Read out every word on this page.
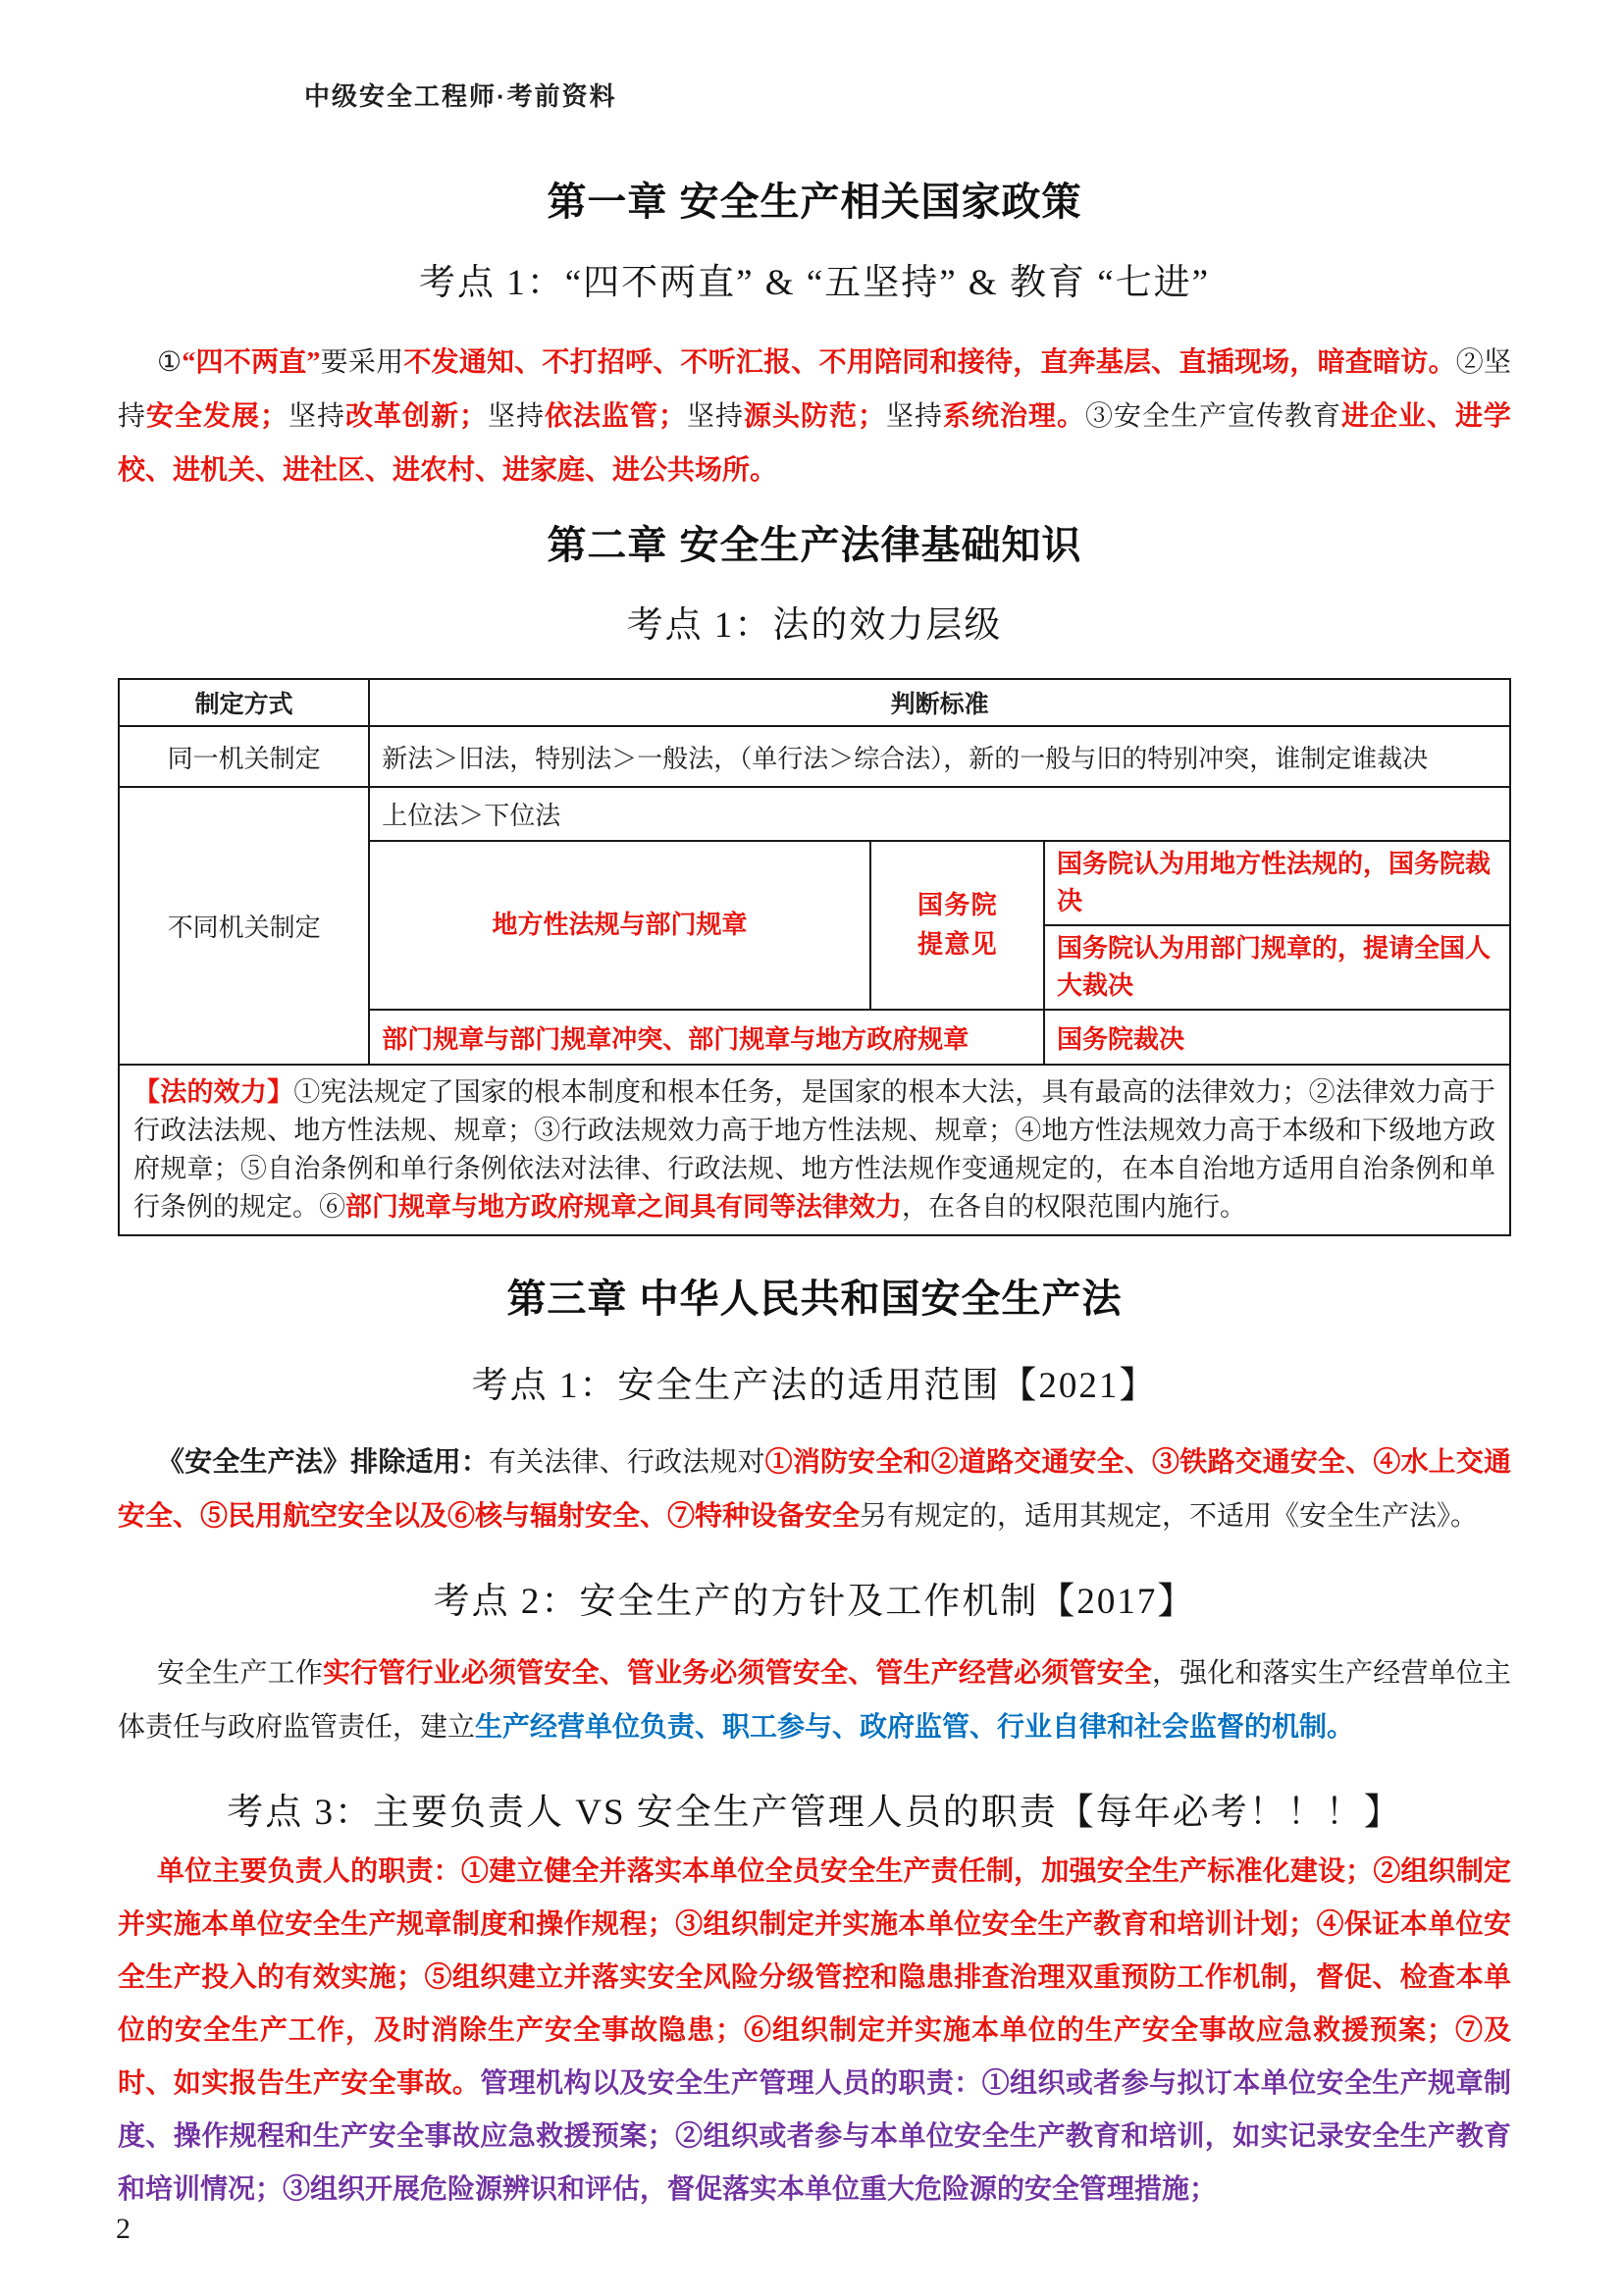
中级安全工程师·考前资料
第一章 安全生产相关国家政策
考点 1：“四不两直” & “五坚持” & 教育 “七进”

①“四不两直”要采用不发通知、不打招呼、不听汇报、不用陪同和接待，直奔基层、直插现场，暗查暗访。②坚持安全发展；坚持改革创新；坚持依法监管；坚持源头防范；坚持系统治理。③安全生产宣传教育进企业、进学校、进机关、进社区、进农村、进家庭、进公共场所。

第二章 安全生产法律基础知识
考点 1：法的效力层级
制定方式	判断标准		
同一机关制定	新法＞旧法，特别法＞一般法，（单行法＞综合法），新的一般与旧的特别冲突，谁制定谁裁决		
不同机关制定	上位法＞下位法		
	地方性法规与部门规章	国务院提意见	国务院认为用地方性法规的，国务院裁决
			国务院认为用部门规章的，提请全国人大裁决
	部门规章与部门规章冲突、部门规章与地方政府规章		国务院裁决
【法的效力】①宪法规定了国家的根本制度和根本任务，是国家的根本大法，具有最高的法律效力；②法律效力高于行政法法规、地方性法规、规章；③行政法规效力高于地方性法规、规章；④地方性法规效力高于本级和下级地方政府规章；⑤自治条例和单行条例依法对法律、行政法规、地方性法规作变通规定的，在本自治地方适用自治条例和单行条例的规定。⑥部门规章与地方政府规章之间具有同等法律效力，在各自的权限范围内施行。			
第三章 中华人民共和国安全生产法
考点 1：安全生产法的适用范围【2021】

《安全生产法》排除适用：有关法律、行政法规对①消防安全和②道路交通安全、③铁路交通安全、④水上交通安全、⑤民用航空安全以及⑥核与辐射安全、⑦特种设备安全另有规定的，适用其规定，不适用《安全生产法》。

考点 2：安全生产的方针及工作机制【2017】

安全生产工作实行管行业必须管安全、管业务必须管安全、管生产经营必须管安全，强化和落实生产经营单位主体责任与政府监管责任，建立生产经营单位负责、职工参与、政府监管、行业自律和社会监督的机制。

考点 3：主要负责人 VS 安全生产管理人员的职责【每年必考！！！】

单位主要负责人的职责：①建立健全并落实本单位全员安全生产责任制，加强安全生产标准化建设；②组织制定并实施本单位安全生产规章制度和操作规程；③组织制定并实施本单位安全生产教育和培训计划；④保证本单位安全生产投入的有效实施；⑤组织建立并落实安全风险分级管控和隐患排查治理双重预防工作机制，督促、检查本单位的安全生产工作，及时消除生产安全事故隐患；⑥组织制定并实施本单位的生产安全事故应急救援预案；⑦及时、如实报告生产安全事故。管理机构以及安全生产管理人员的职责：①组织或者参与拟订本单位安全生产规章制度、操作规程和生产安全事故应急救援预案；②组织或者参与本单位安全生产教育和培训，如实记录安全生产教育和培训情况；③组织开展危险源辨识和评估，督促落实本单位重大危险源的安全管理措施；

2
